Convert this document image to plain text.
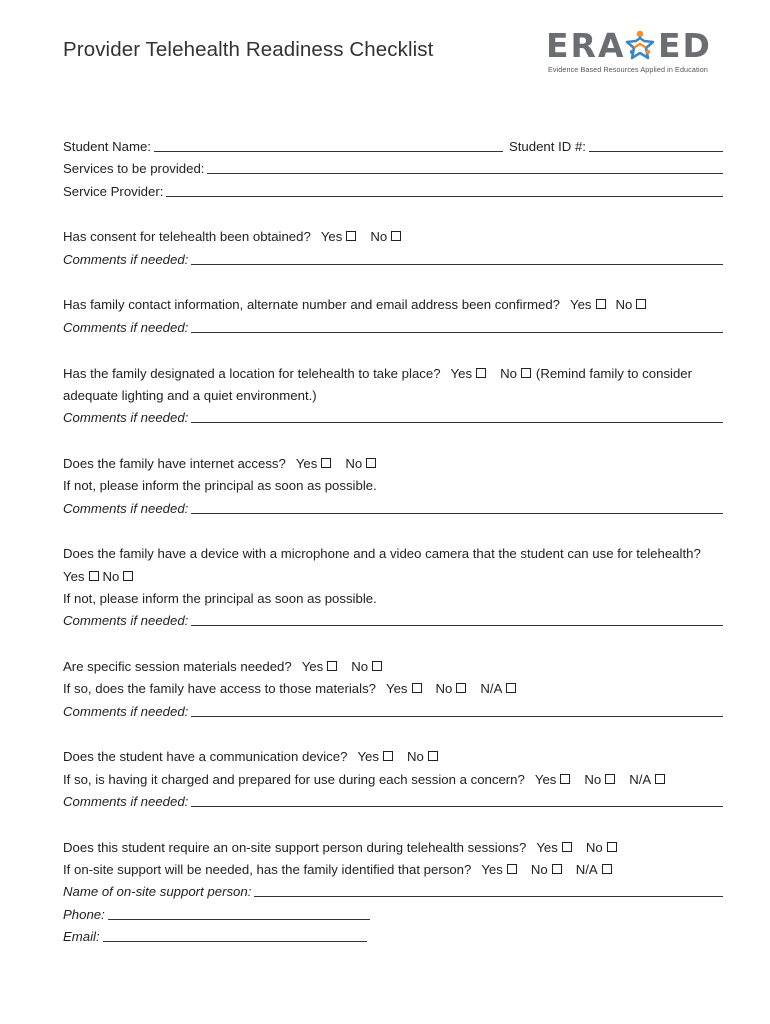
Provider Telehealth Readiness Checklist	ERA ED
Evidence Based Resources Applied in Education
Student Name:	Student ID #:
Services to be provided:
Service Provider:
Has consent for telehealth been obtained? Yes	No
Comments if needed:
Has family contact information, alternate number and email address been confirmed? Yes	No
Comments if needed:
Has the family designated a location for telehealth to take place? Yes	No	(Remind family to consider
adequate lighting and a quiet environment.)
Comments if needed:
Does the family have internet access? Yes	No
If not, please inform the principal as soon as possible.
Comments if needed:
Does the family have a device with a microphone and a video camera that the student can use for telehealth?
Yes	No
If not, please inform the principal as soon as possible.
Comments if needed:
Are specific session materials needed? Yes	No
If so, does the family have access to those materials? Yes	No	N/A
Comments if needed:
Does the student have a communication device? Yes	No
If so, is having it charged and prepared for use during each session a concern? Yes	No	N/A
Comments if needed:
Does this student require an on-site support person during telehealth sessions? Yes	No
If on-site support will be needed, has the family identified that person? Yes	No	N/A
Name of on-site support person:
Phone:
Email:
